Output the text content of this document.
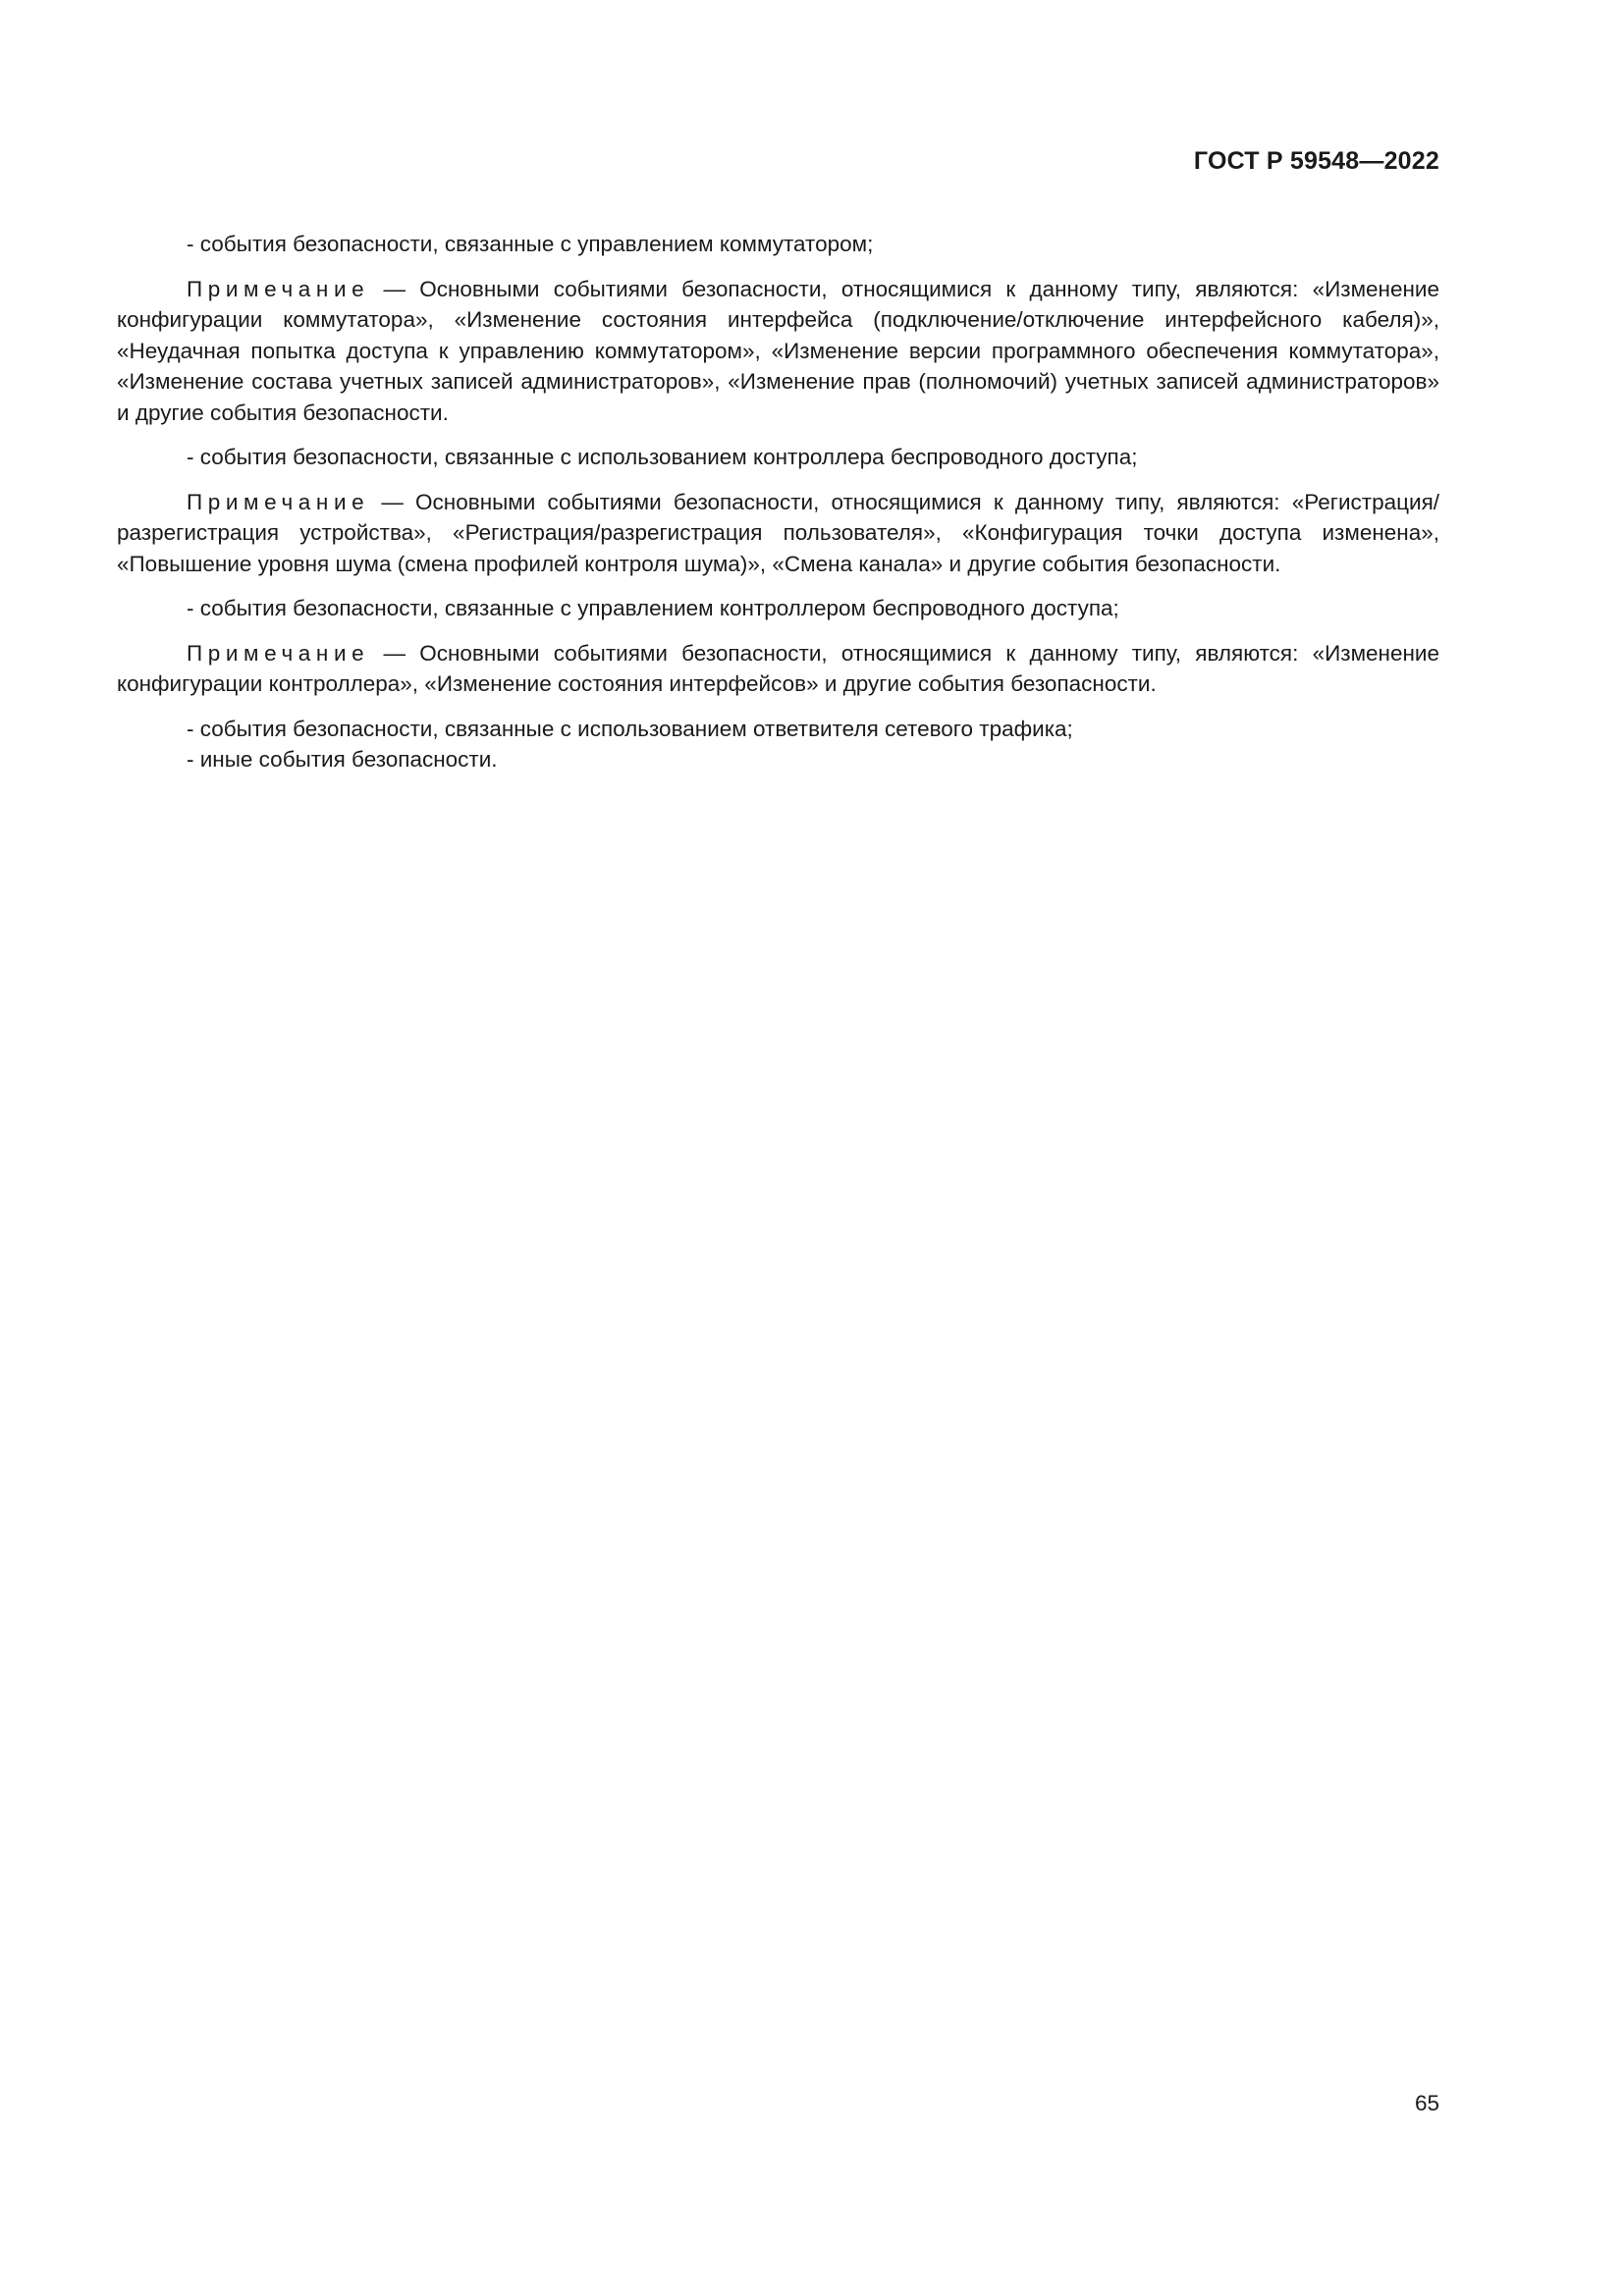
ГОСТ Р 59548—2022

- события безопасности, связанные с управлением коммутатором;

Примечание — Основными событиями безопасности, относящимися к данному типу, являются: «Изменение конфигурации коммутатора», «Изменение состояния интерфейса (подключение/отключение интерфейсного кабеля)», «Неудачная попытка доступа к управлению коммутатором», «Изменение версии программного обеспечения коммутатора», «Изменение состава учетных записей администраторов», «Изменение прав (полномочий) учетных записей администраторов» и другие события безопасности.

- события безопасности, связанные с использованием контроллера беспроводного доступа;

Примечание — Основными событиями безопасности, относящимися к данному типу, являются: «Регистрация/разрегистрация устройства», «Регистрация/разрегистрация пользователя», «Конфигурация точки доступа изменена», «Повышение уровня шума (смена профилей контроля шума)», «Смена канала» и другие события безопасности.

- события безопасности, связанные с управлением контроллером беспроводного доступа;

Примечание — Основными событиями безопасности, относящимися к данному типу, являются: «Изменение конфигурации контроллера», «Изменение состояния интерфейсов» и другие события безопасности.

- события безопасности, связанные с использованием ответвителя сетевого трафика;

- иные события безопасности.

65
